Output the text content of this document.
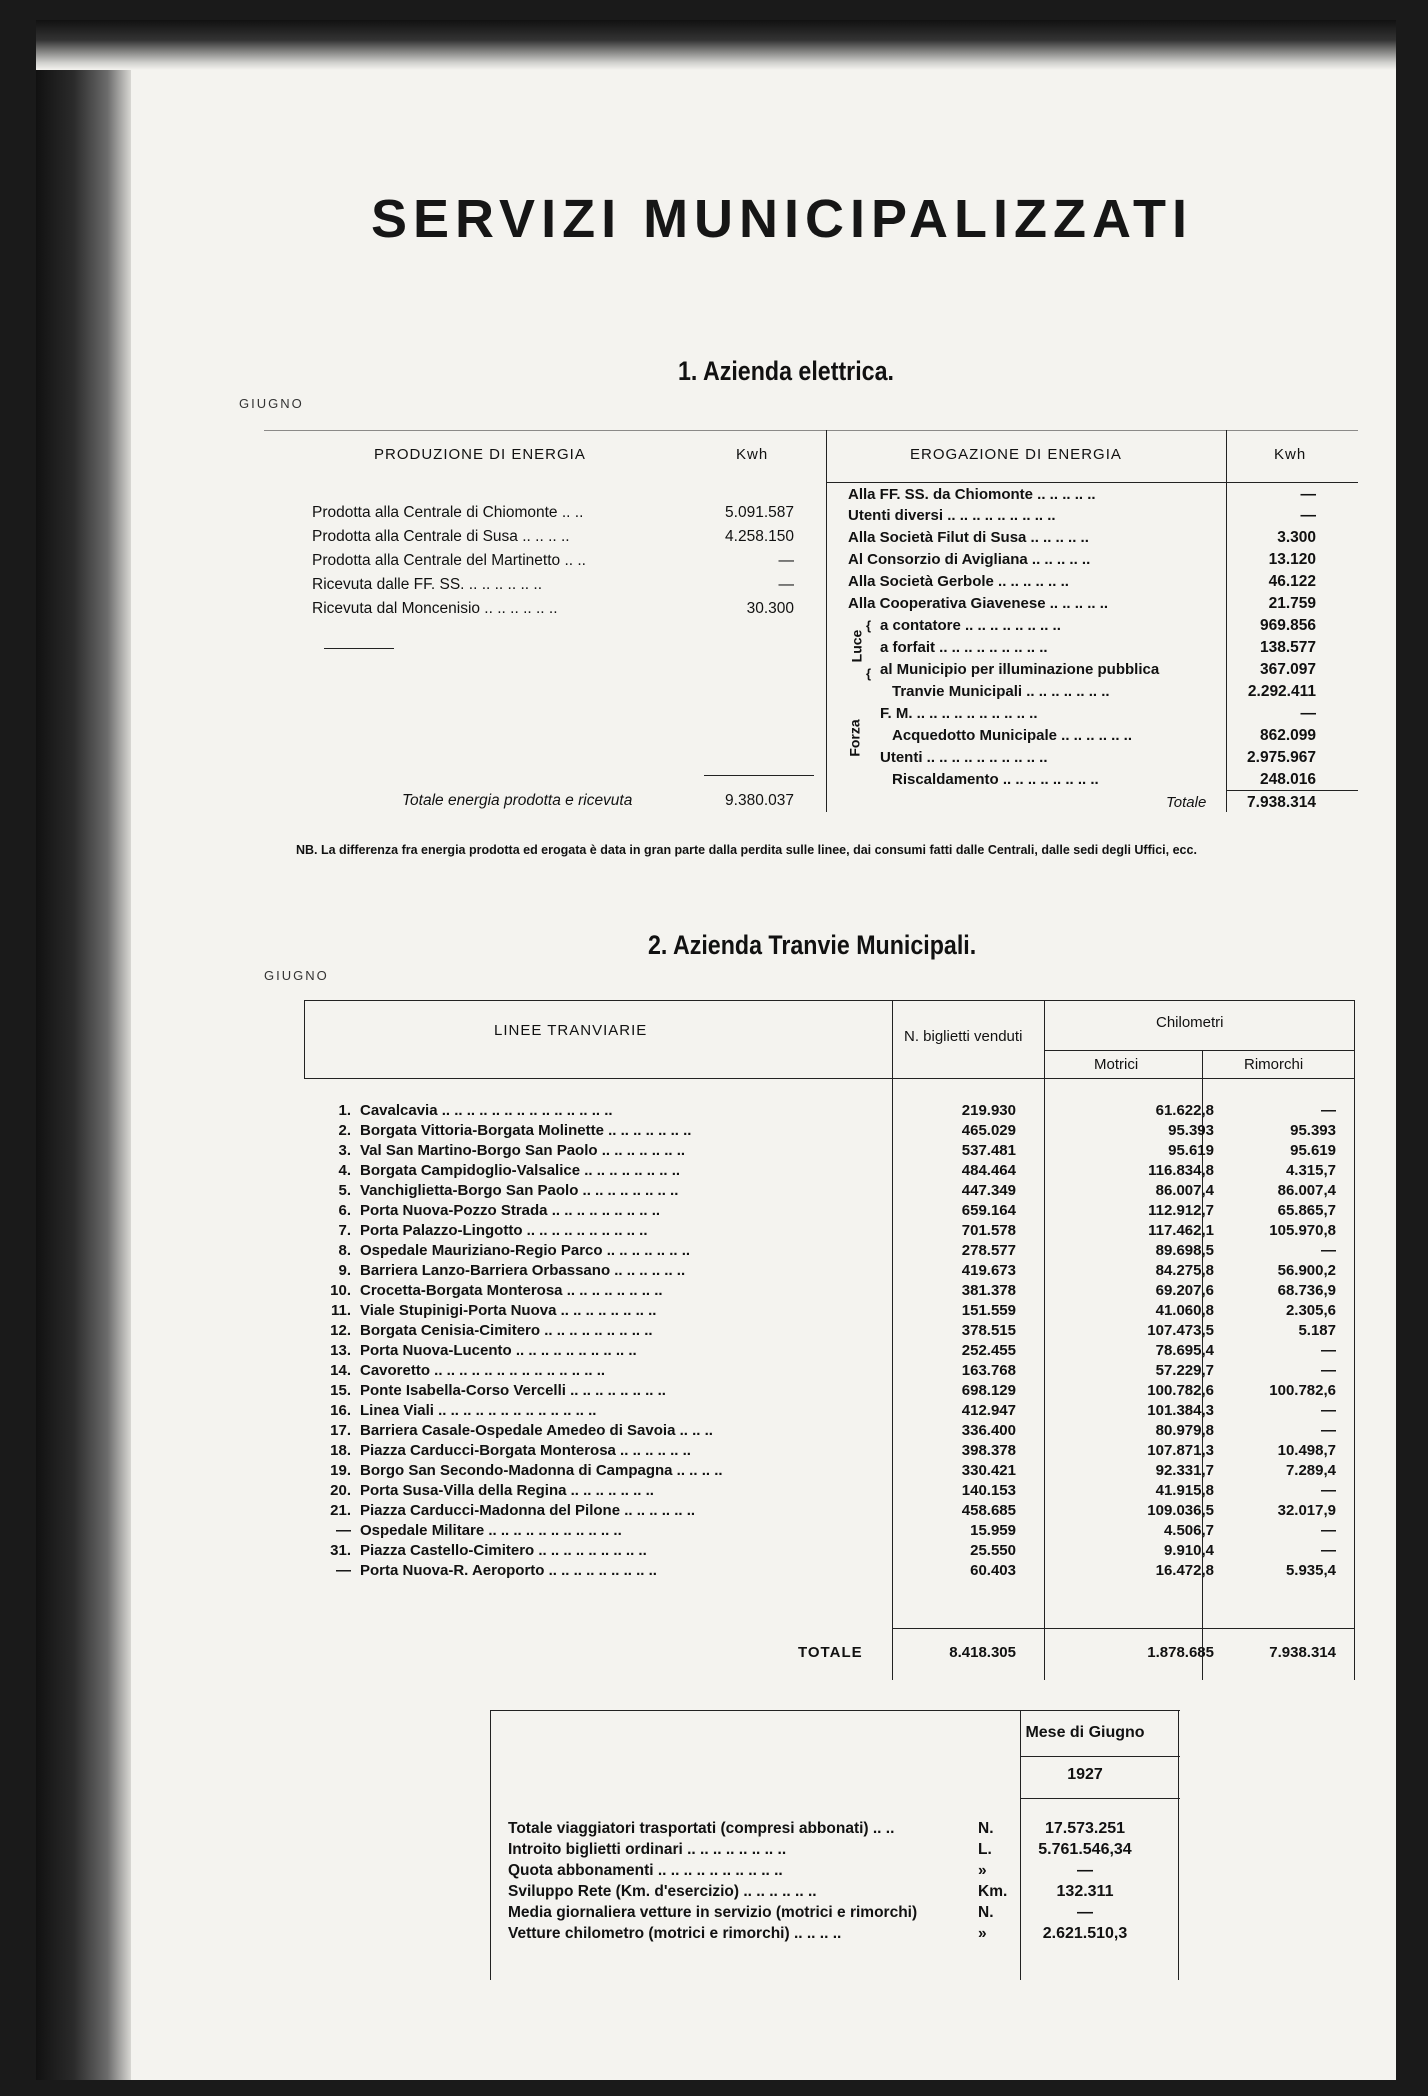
SERVIZI MUNICIPALIZZATI
1. Azienda elettrica.
GIUGNO
PRODUZIONE DI ENERGIA	Kwh	EROGAZIONE DI ENERGIA	Kwh
Prodotta alla Centrale di Chiomonte .. ..	5.091.587
Prodotta alla Centrale di Susa .. .. .. ..	4.258.150
Prodotta alla Centrale del Martinetto .. ..	—
Ricevuta dalle FF. SS. .. .. .. .. .. ..	—
Ricevuta dal Moncenisio .. .. .. .. .. ..	30.300
Totale energia prodotta e ricevuta	9.380.037
Alla FF. SS. da Chiomonte .. .. .. .. ..	—
Utenti diversi .. .. .. .. .. .. .. .. ..	—
Alla Società Filut di Susa .. .. .. .. ..	3.300
Al Consorzio di Avigliana .. .. .. .. ..	13.120
Alla Società Gerbole .. .. .. .. .. ..	46.122
Alla Cooperativa Giavenese .. .. .. .. ..	21.759
Luce
{ a contatore .. .. .. .. .. .. .. ..	969.856
a forfait .. .. .. .. .. .. .. .. ..	138.577
Forza
{ al Municipio per illuminazione pubblica	367.097
Tranvie Municipali .. .. .. .. .. .. ..	2.292.411
F. M. .. .. .. .. .. .. .. .. .. ..	—
Acquedotto Municipale .. .. .. .. .. ..	862.099
Utenti .. .. .. .. .. .. .. .. .. ..	2.975.967
Riscaldamento .. .. .. .. .. .. .. ..	248.016
Totale	7.938.314
NB. La differenza fra energia prodotta ed erogata è data in gran parte dalla perdita sulle linee, dai consumi fatti dalle Centrali, dalle sedi degli Uffici, ecc.
2. Azienda Tranvie Municipali.
GIUGNO
LINEE TRANVIARIE	N. biglietti venduti
Chilometri
Motrici	Rimorchi
1. Cavalcavia .. .. .. .. .. .. .. .. .. .. .. .. .. ..	219.930	61.622,8	—
2. Borgata Vittoria-Borgata Molinette .. .. .. .. .. .. ..	465.029	95.393	95.393
3. Val San Martino-Borgo San Paolo .. .. .. .. .. .. ..	537.481	95.619	95.619
4. Borgata Campidoglio-Valsalice .. .. .. .. .. .. .. ..	484.464	116.834,8	4.315,7
5. Vanchiglietta-Borgo San Paolo .. .. .. .. .. .. .. ..	447.349	86.007,4	86.007,4
6. Porta Nuova-Pozzo Strada .. .. .. .. .. .. .. .. ..	659.164	112.912,7	65.865,7
7. Porta Palazzo-Lingotto .. .. .. .. .. .. .. .. .. ..	701.578	117.462,1	105.970,8
8. Ospedale Mauriziano-Regio Parco .. .. .. .. .. .. ..	278.577	89.698,5	—
9. Barriera Lanzo-Barriera Orbassano .. .. .. .. .. ..	419.673	84.275,8	56.900,2
10. Crocetta-Borgata Monterosa .. .. .. .. .. .. .. ..	381.378	69.207,6	68.736,9
11. Viale Stupinigi-Porta Nuova .. .. .. .. .. .. .. ..	151.559	41.060,8	2.305,6
12. Borgata Cenisia-Cimitero .. .. .. .. .. .. .. .. ..	378.515	107.473,5	5.187
13. Porta Nuova-Lucento .. .. .. .. .. .. .. .. .. ..	252.455	78.695,4	—
14. Cavoretto .. .. .. .. .. .. .. .. .. .. .. .. .. ..	163.768	57.229,7	—
15. Ponte Isabella-Corso Vercelli .. .. .. .. .. .. .. ..	698.129	100.782,6	100.782,6
16. Linea Viali .. .. .. .. .. .. .. .. .. .. .. .. ..	412.947	101.384,3	—
17. Barriera Casale-Ospedale Amedeo di Savoia .. .. ..	336.400	80.979,8	—
18. Piazza Carducci-Borgata Monterosa .. .. .. .. .. ..	398.378	107.871,3	10.498,7
19. Borgo San Secondo-Madonna di Campagna .. .. .. ..	330.421	92.331,7	7.289,4
20. Porta Susa-Villa della Regina .. .. .. .. .. .. ..	140.153	41.915,8	—
21. Piazza Carducci-Madonna del Pilone .. .. .. .. .. ..	458.685	109.036,5	32.017,9
— Ospedale Militare .. .. .. .. .. .. .. .. .. .. ..	15.959	4.506,7	—
31. Piazza Castello-Cimitero .. .. .. .. .. .. .. .. ..	25.550	9.910,4	—
— Porta Nuova-R. Aeroporto .. .. .. .. .. .. .. .. ..	60.403	16.472,8	5.935,4
TOTALE	8.418.305	1.878.685	7.938.314
Mese di Giugno
1927
Totale viaggiatori trasportati (compresi abbonati) .. ..	N.	17.573.251
Introito biglietti ordinari .. .. .. .. .. .. .. ..	L.	5.761.546,34
Quota abbonamenti .. .. .. .. .. .. .. .. .. ..	»	—
Sviluppo Rete (Km. d'esercizio) .. .. .. .. .. ..	Km.	132.311
Media giornaliera vetture in servizio (motrici e rimorchi)	N.	—
Vetture chilometro (motrici e rimorchi) .. .. .. ..	»	2.621.510,3
